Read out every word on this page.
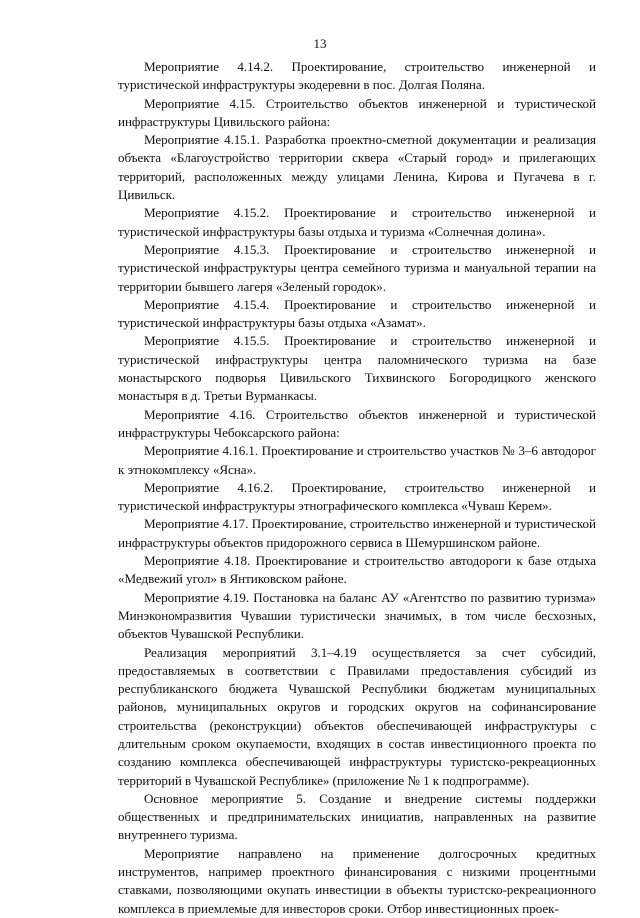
13

Мероприятие 4.14.2. Проектирование, строительство инженерной и туристической инфраструктуры экодеревни в пос. Долгая Поляна.

Мероприятие 4.15. Строительство объектов инженерной и туристической инфраструктуры Цивильского района:

Мероприятие 4.15.1. Разработка проектно-сметной документации и реализация объекта «Благоустройство территории сквера «Старый город» и прилегающих территорий, расположенных между улицами Ленина, Кирова и Пугачева в г. Цивильск.

Мероприятие 4.15.2. Проектирование и строительство инженерной и туристической инфраструктуры базы отдыха и туризма «Солнечная долина».

Мероприятие 4.15.3. Проектирование и строительство инженерной и туристической инфраструктуры центра семейного туризма и мануальной терапии на территории бывшего лагеря «Зеленый городок».

Мероприятие 4.15.4. Проектирование и строительство инженерной и туристической инфраструктуры базы отдыха «Азамат».

Мероприятие 4.15.5. Проектирование и строительство инженерной и туристической инфраструктуры центра паломнического туризма на базе монастырского подворья Цивильского Тихвинского Богородицкого женского монастыря в д. Третьи Вурманкасы.

Мероприятие 4.16. Строительство объектов инженерной и туристической инфраструктуры Чебоксарского района:

Мероприятие 4.16.1. Проектирование и строительство участков № 3–6 автодорог к этнокомплексу «Ясна».

Мероприятие 4.16.2. Проектирование, строительство инженерной и туристической инфраструктуры этнографического комплекса «Чуваш Керем».

Мероприятие 4.17. Проектирование, строительство инженерной и туристической инфраструктуры объектов придорожного сервиса в Шемуршинском районе.

Мероприятие 4.18. Проектирование и строительство автодороги к базе отдыха «Медвежий угол» в Янтиковском районе.

Мероприятие 4.19. Постановка на баланс АУ «Агентство по развитию туризма» Минэкономразвития Чувашии туристически значимых, в том числе бесхозных, объектов Чувашской Республики.

Реализация мероприятий 3.1–4.19 осуществляется за счет субсидий, предоставляемых в соответствии с Правилами предоставления субсидий из республиканского бюджета Чувашской Республики бюджетам муниципальных районов, муниципальных округов и городских округов на софинансирование строительства (реконструкции) объектов обеспечивающей инфраструктуры с длительным сроком окупаемости, входящих в состав инвестиционного проекта по созданию комплекса обеспечивающей инфраструктуры туристско-рекреационных территорий в Чувашской Республике» (приложение № 1 к подпрограмме).

Основное мероприятие 5. Создание и внедрение системы поддержки общественных и предпринимательских инициатив, направленных на развитие внутреннего туризма.

Мероприятие направлено на применение долгосрочных кредитных инструментов, например проектного финансирования с низкими процентными ставками, позволяющими окупать инвестиции в объекты туристско-рекреационного комплекса в приемлемые для инвесторов сроки. Отбор инвестиционных проек-
